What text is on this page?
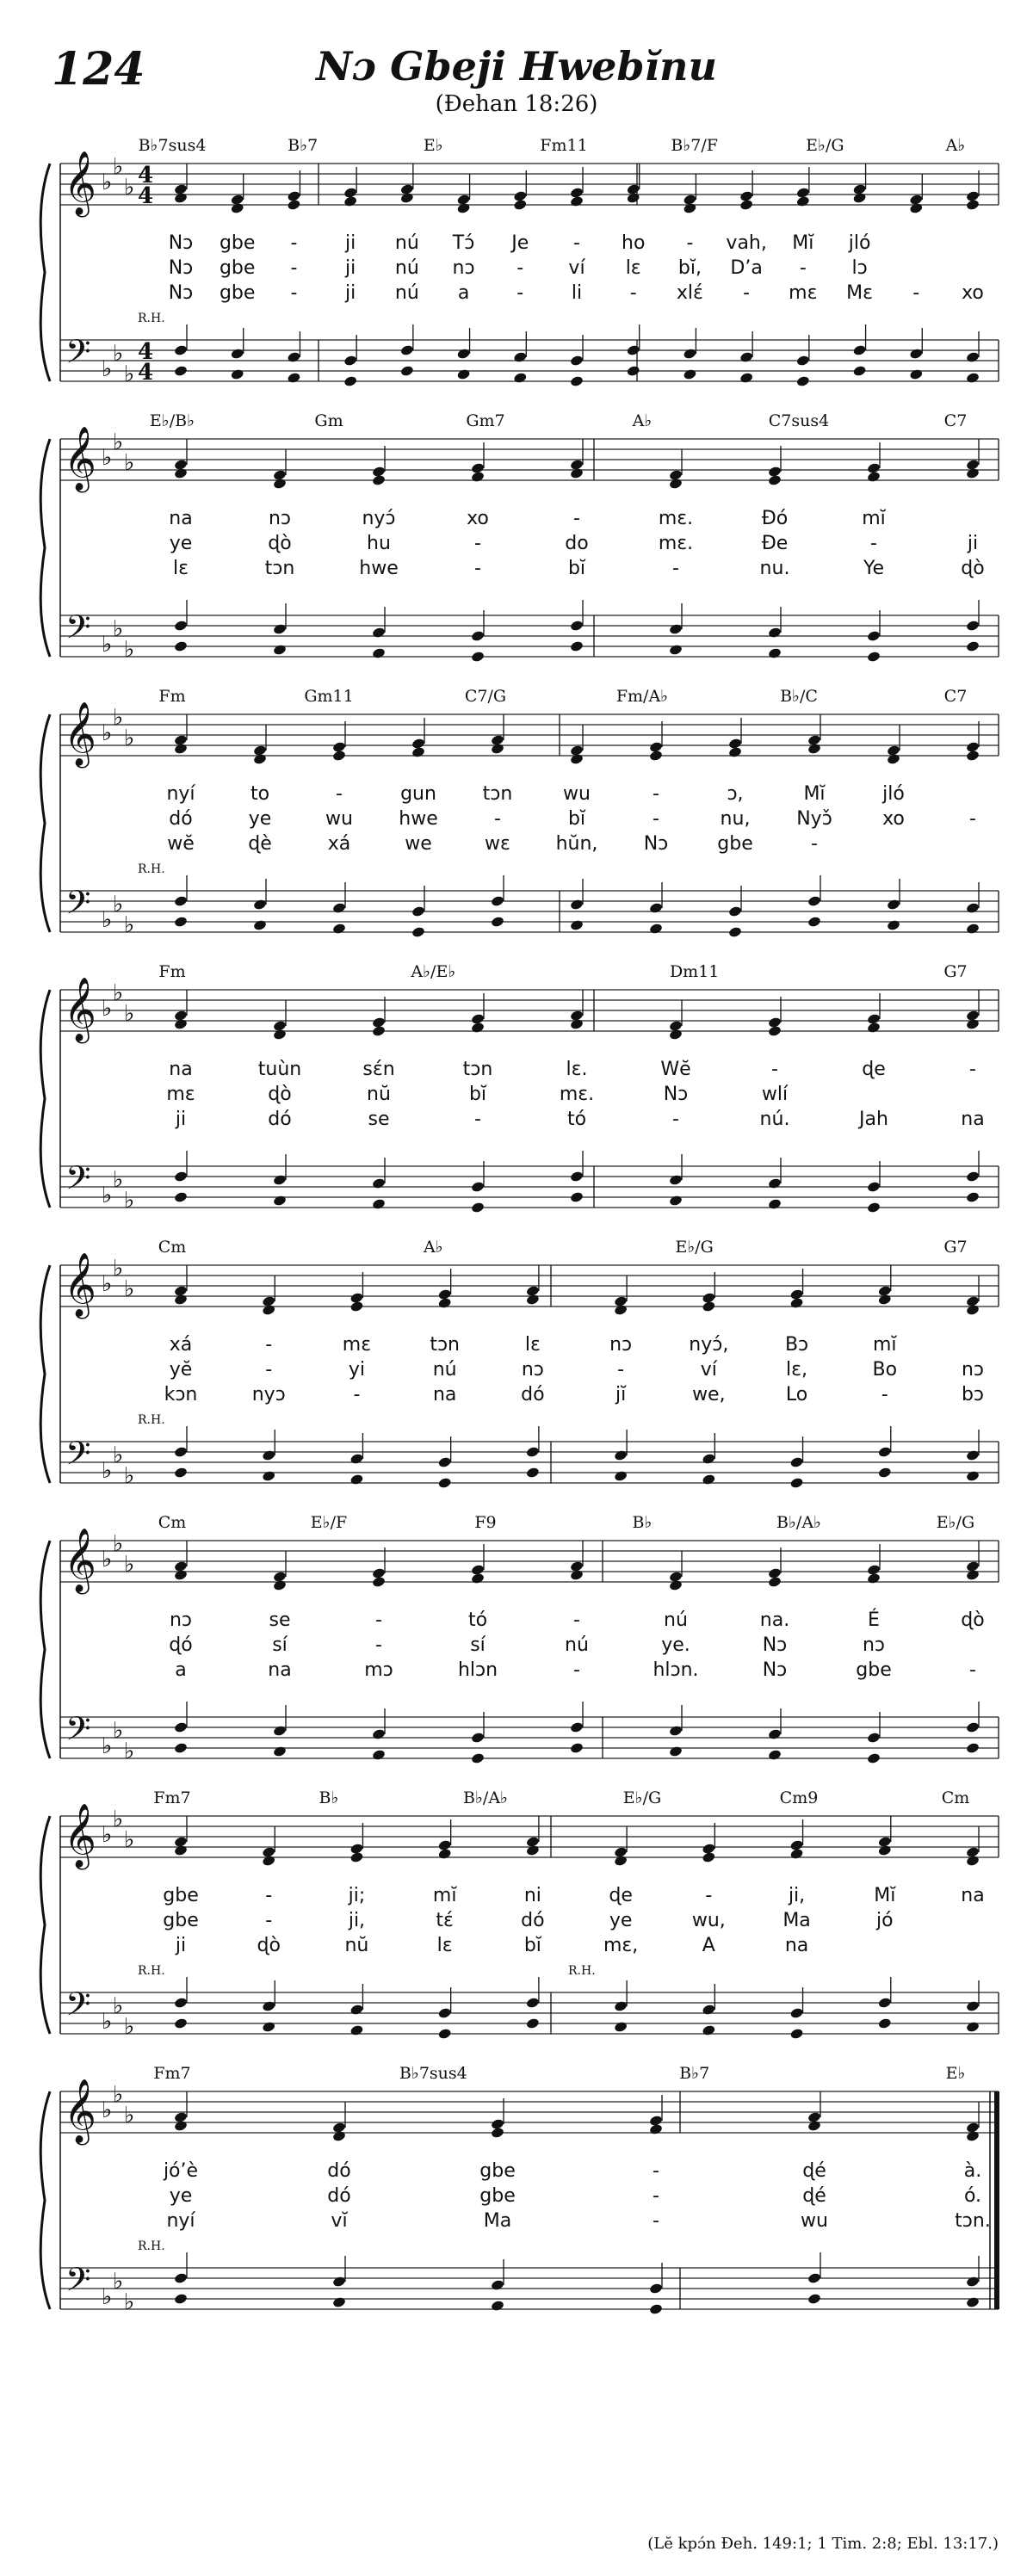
124	Nɔ Gbeji Hwebĭnu
(Ɖehan 18:26)
𝄞
𝄢
♭
♭
♭
♭
♭
♭
4
4
4
4
B♭7sus4	B♭7	E♭	Fm11	B♭7/F	E♭/G	A♭
Nɔ gbe -	ji nú Tɔ́ Je - ho - vah, Mĭ jló
Nɔ gbe -	ji nú nɔ - ví lɛ bĭ, D’a - lɔ
Nɔ gbe -	ji nú a	-	li	- xlɛ́ - mɛ Mɛ - xo
R.H.
𝄞
𝄢
♭
♭
♭
♭
♭
♭
E♭/B♭	Gm	Gm7	A♭	C7sus4	C7
na	nɔ	nyɔ́	xo	-	mɛ.	Ɖó	mĭ
ye	ɖò	hu	-	do	mɛ.	Ɖe	-	ji
lɛ	tɔn	hwe	-	bĭ	-	nu.	Ye	ɖò
𝄞
𝄢
♭
♭
♭
♭
♭
♭
Fm	Gm11	C7/G	Fm/A♭	B♭/C	C7
nyí	to	-	gun tɔn	wu	-	ɔ,	Mĭ	jló
dó	ye	wu hwe	-	bĭ	-	nu, Nyɔ̌	xo	-
wĕ	ɖè	xá	we	wɛ hŭn, Nɔ	gbe	-
R.H.
𝄞
𝄢
♭
♭
♭
♭
♭
♭
Fm	A♭/E♭	Dm11	G7
na	tuùn	sɛ́n	tɔn	lɛ.	Wĕ	-	ɖe	-
mɛ	ɖò	nŭ	bĭ	mɛ.	Nɔ	wlí
ji	dó	se	-	tó	-	nú.	Jah	na
𝄞
𝄢
♭
♭
♭
♭
♭
♭
Cm	A♭	E♭/G	G7
xá	-	mɛ	tɔn	lɛ	nɔ	nyɔ́,	Bɔ	mĭ
yĕ	-	yi	nú	nɔ	-	ví	lɛ,	Bo	nɔ
kɔn	nyɔ	-	na	dó	jĭ	we,	Lo	-	bɔ
R.H.
𝄞
𝄢
♭
♭
♭
♭
♭
♭
Cm	E♭/F	F9	B♭	B♭/A♭	E♭/G
nɔ	se	-	tó	-	nú	na.	É	ɖò
ɖó	sí	-	sí	nú	ye.	Nɔ	nɔ
a	na	mɔ	hlɔn	-	hlɔn.	Nɔ	gbe	-
𝄞
𝄢
♭
♭
♭
♭
♭
♭
Fm7	B♭	B♭/A♭	E♭/G	Cm9	Cm
gbe	-	ji;	mĭ	ni	ɖe	-	ji,	Mĭ	na
gbe	-	ji,	tɛ́	dó	ye	wu,	Ma	jó
ji	ɖò	nŭ	lɛ	bĭ	mɛ,	A	na
R.H.	R.H.
𝄞
𝄢
♭
♭
♭
♭
♭
♭
Fm7	B♭7sus4	B♭7	E♭
jó’è	dó	gbe	-	ɖé	à.
ye	dó	gbe	-	ɖé	ó.
nyí	vĭ	Ma	-	wu	tɔn.
R.H.
(Lĕ kpɔ́n Ɖeh. 149:1; 1 Tim. 2:8; Ebl. 13:17.)
